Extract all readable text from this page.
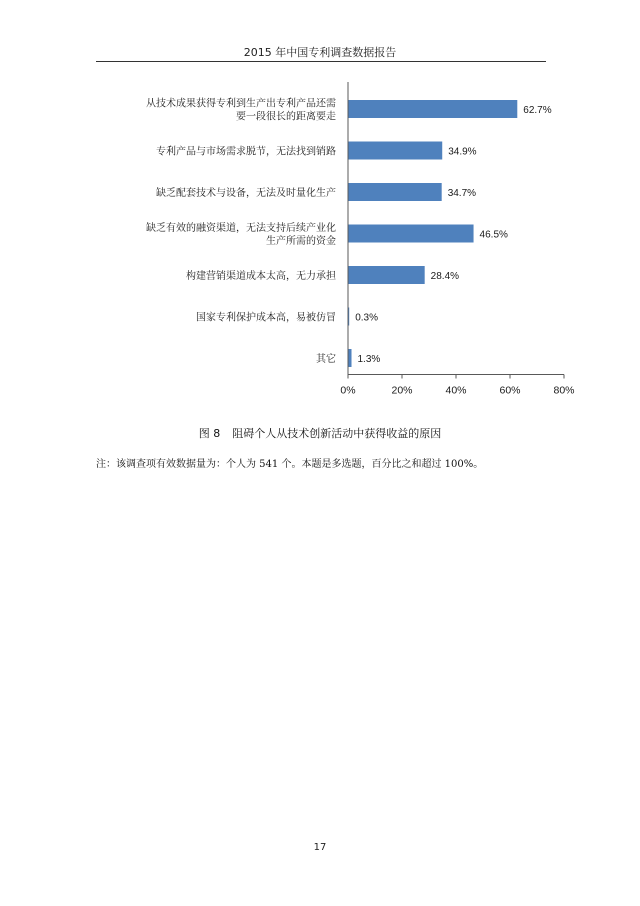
2015 年中国专利调查数据报告
从技术成果获得专利到生产出专利产品还需
要一段很长的距离要走
62.7%
专利产品与市场需求脱节，无法找到销路	34.9%
缺乏配套技术与设备，无法及时量化生产	34.7%
缺乏有效的融资渠道，无法支持后续产业化
生产所需的资金
46.5%
构建营销渠道成本太高，无力承担	28.4%
国家专利保护成本高，易被仿冒 0.3%
其它 1.3%
0%	20%	40%	60%	80%
图 8 阻碍个人从技术创新活动中获得收益的原因
注：该调查项有效数据量为：个人为 541 个。本题是多选题，百分比之和超过 100%。
17
